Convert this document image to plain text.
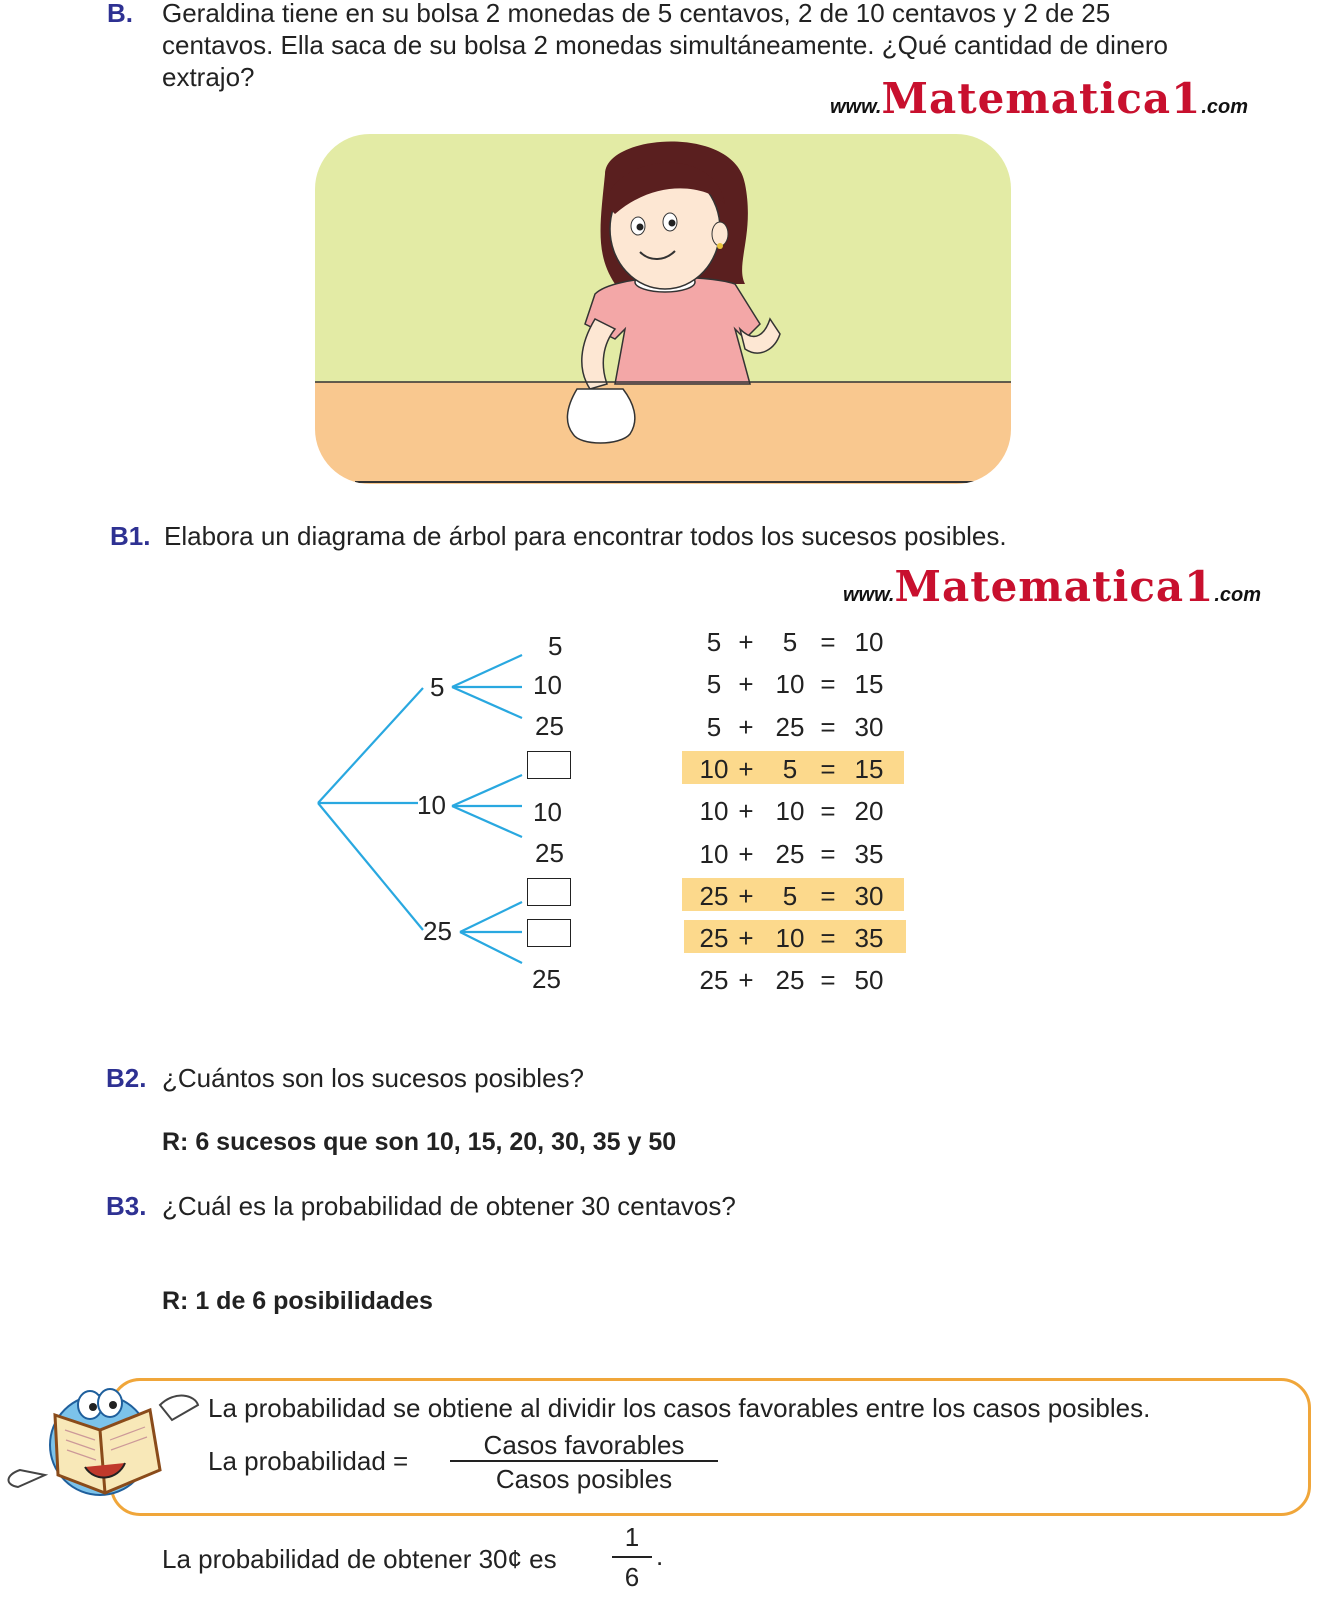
B. Geraldina tiene en su bolsa 2 monedas de 5 centavos, 2 de 10 centavos y 2 de 25
centavos. Ella saca de su bolsa 2 monedas simultáneamente. ¿Qué cantidad de dinero
extrajo?
www.Matematica1.com
B1. Elabora un diagrama de árbol para encontrar todos los sucesos posibles.
www.Matematica1.com
5
10
25
5
10
25
10
25
25
5 +	5 = 10
5 + 10 = 15
5 + 25 = 30
10 +	5 = 15
10 + 10 = 20
10 + 25 = 35
25 +	5 = 30
25 + 10 = 35
25 + 25 = 50
B2. ¿Cuántos son los sucesos posibles?
R: 6 sucesos que son 10, 15, 20, 30, 35 y 50
B3. ¿Cuál es la probabilidad de obtener 30 centavos?
R: 1 de 6 posibilidades
La probabilidad se obtiene al dividir los casos favorables entre los casos posibles.
La probabilidad =
Casos favorables
Casos posibles
La probabilidad de obtener 30¢ es
1
6
.
